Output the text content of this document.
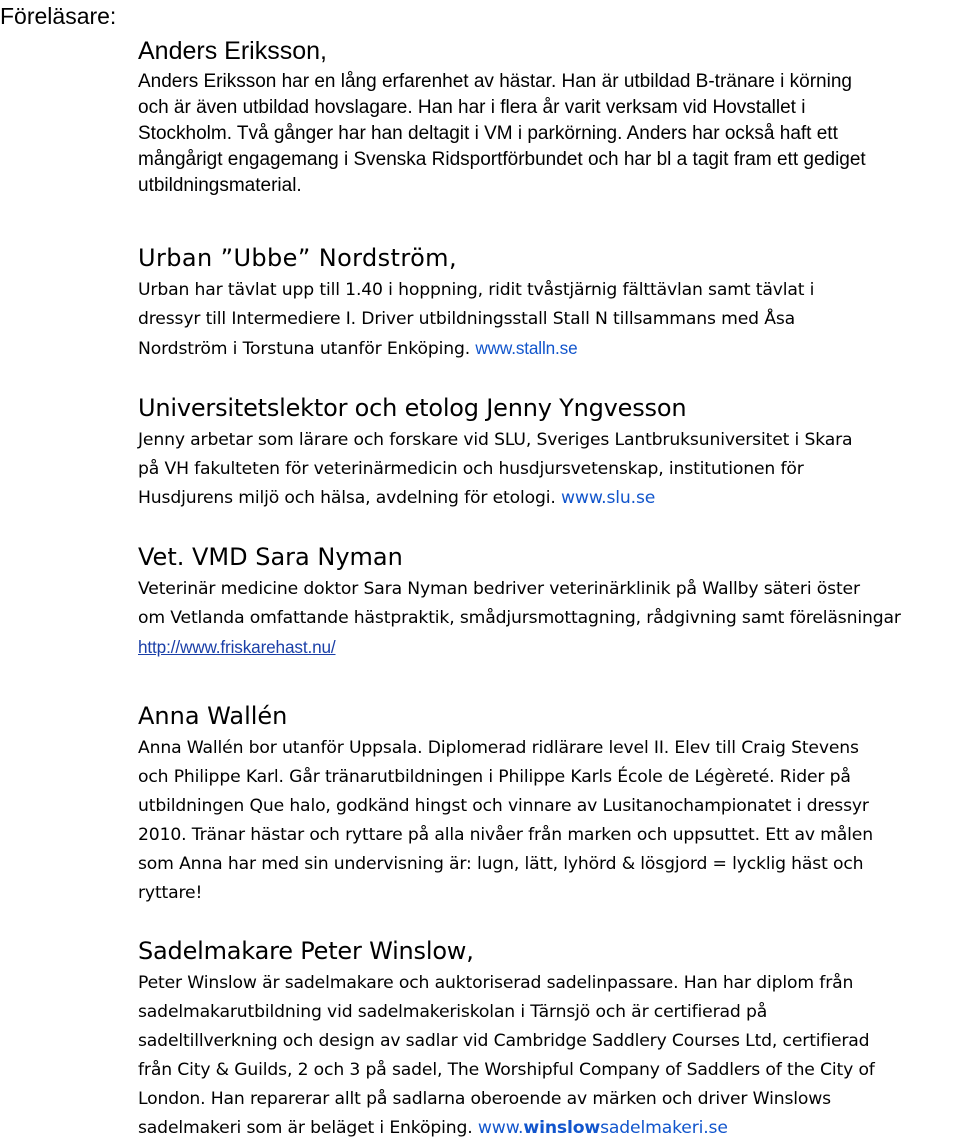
Föreläsare:
Anders Eriksson,

Anders Eriksson har en lång erfarenhet av hästar. Han är utbildad B-tränare i körning
och är även utbildad hovslagare. Han har i flera år varit verksam vid Hovstallet i
Stockholm. Två gånger har han deltagit i VM i parkörning. Anders har också haft ett
mångårigt engagemang i Svenska Ridsportförbundet och har bl a tagit fram ett gediget
utbildningsmaterial.

Urban ”Ubbe” Nordström,

Urban har tävlat upp till 1.40 i hoppning, ridit tvåstjärnig fälttävlan samt tävlat i
dressyr till Intermediere I. Driver utbildningsstall Stall N tillsammans med Åsa
Nordström i Torstuna utanför Enköping. www.stalln.se

Universitetslektor och etolog Jenny Yngvesson

Jenny arbetar som lärare och forskare vid SLU, Sveriges Lantbruksuniversitet i Skara
på VH fakulteten för veterinärmedicin och husdjursvetenskap, institutionen för
Husdjurens miljö och hälsa, avdelning för etologi. www.slu.se

Vet. VMD Sara Nyman

Veterinär medicine doktor Sara Nyman bedriver veterinärklinik på Wallby säteri öster
om Vetlanda omfattande hästpraktik, smådjursmottagning, rådgivning samt föreläsningar
http://www.friskarehast.nu/

Anna Wallén

Anna Wallén bor utanför Uppsala. Diplomerad ridlärare level II. Elev till Craig Stevens
och Philippe Karl. Går tränarutbildningen i Philippe Karls École de Légèreté. Rider på
utbildningen Que halo, godkänd hingst och vinnare av Lusitanochampionatet i dressyr
2010. Tränar hästar och ryttare på alla nivåer från marken och uppsuttet. Ett av målen
som Anna har med sin undervisning är: lugn, lätt, lyhörd & lösgjord = lycklig häst och
ryttare!

Sadelmakare Peter Winslow,

Peter Winslow är sadelmakare och auktoriserad sadelinpassare. Han har diplom från
sadelmakarutbildning vid sadelmakeriskolan i Tärnsjö och är certifierad på
sadeltillverkning och design av sadlar vid Cambridge Saddlery Courses Ltd, certifierad
från City & Guilds, 2 och 3 på sadel, The Worshipful Company of Saddlers of the City of
London. Han reparerar allt på sadlarna oberoende av märken och driver Winslows
sadelmakeri som är beläget i Enköping. www.winslowsadelmakeri.se
